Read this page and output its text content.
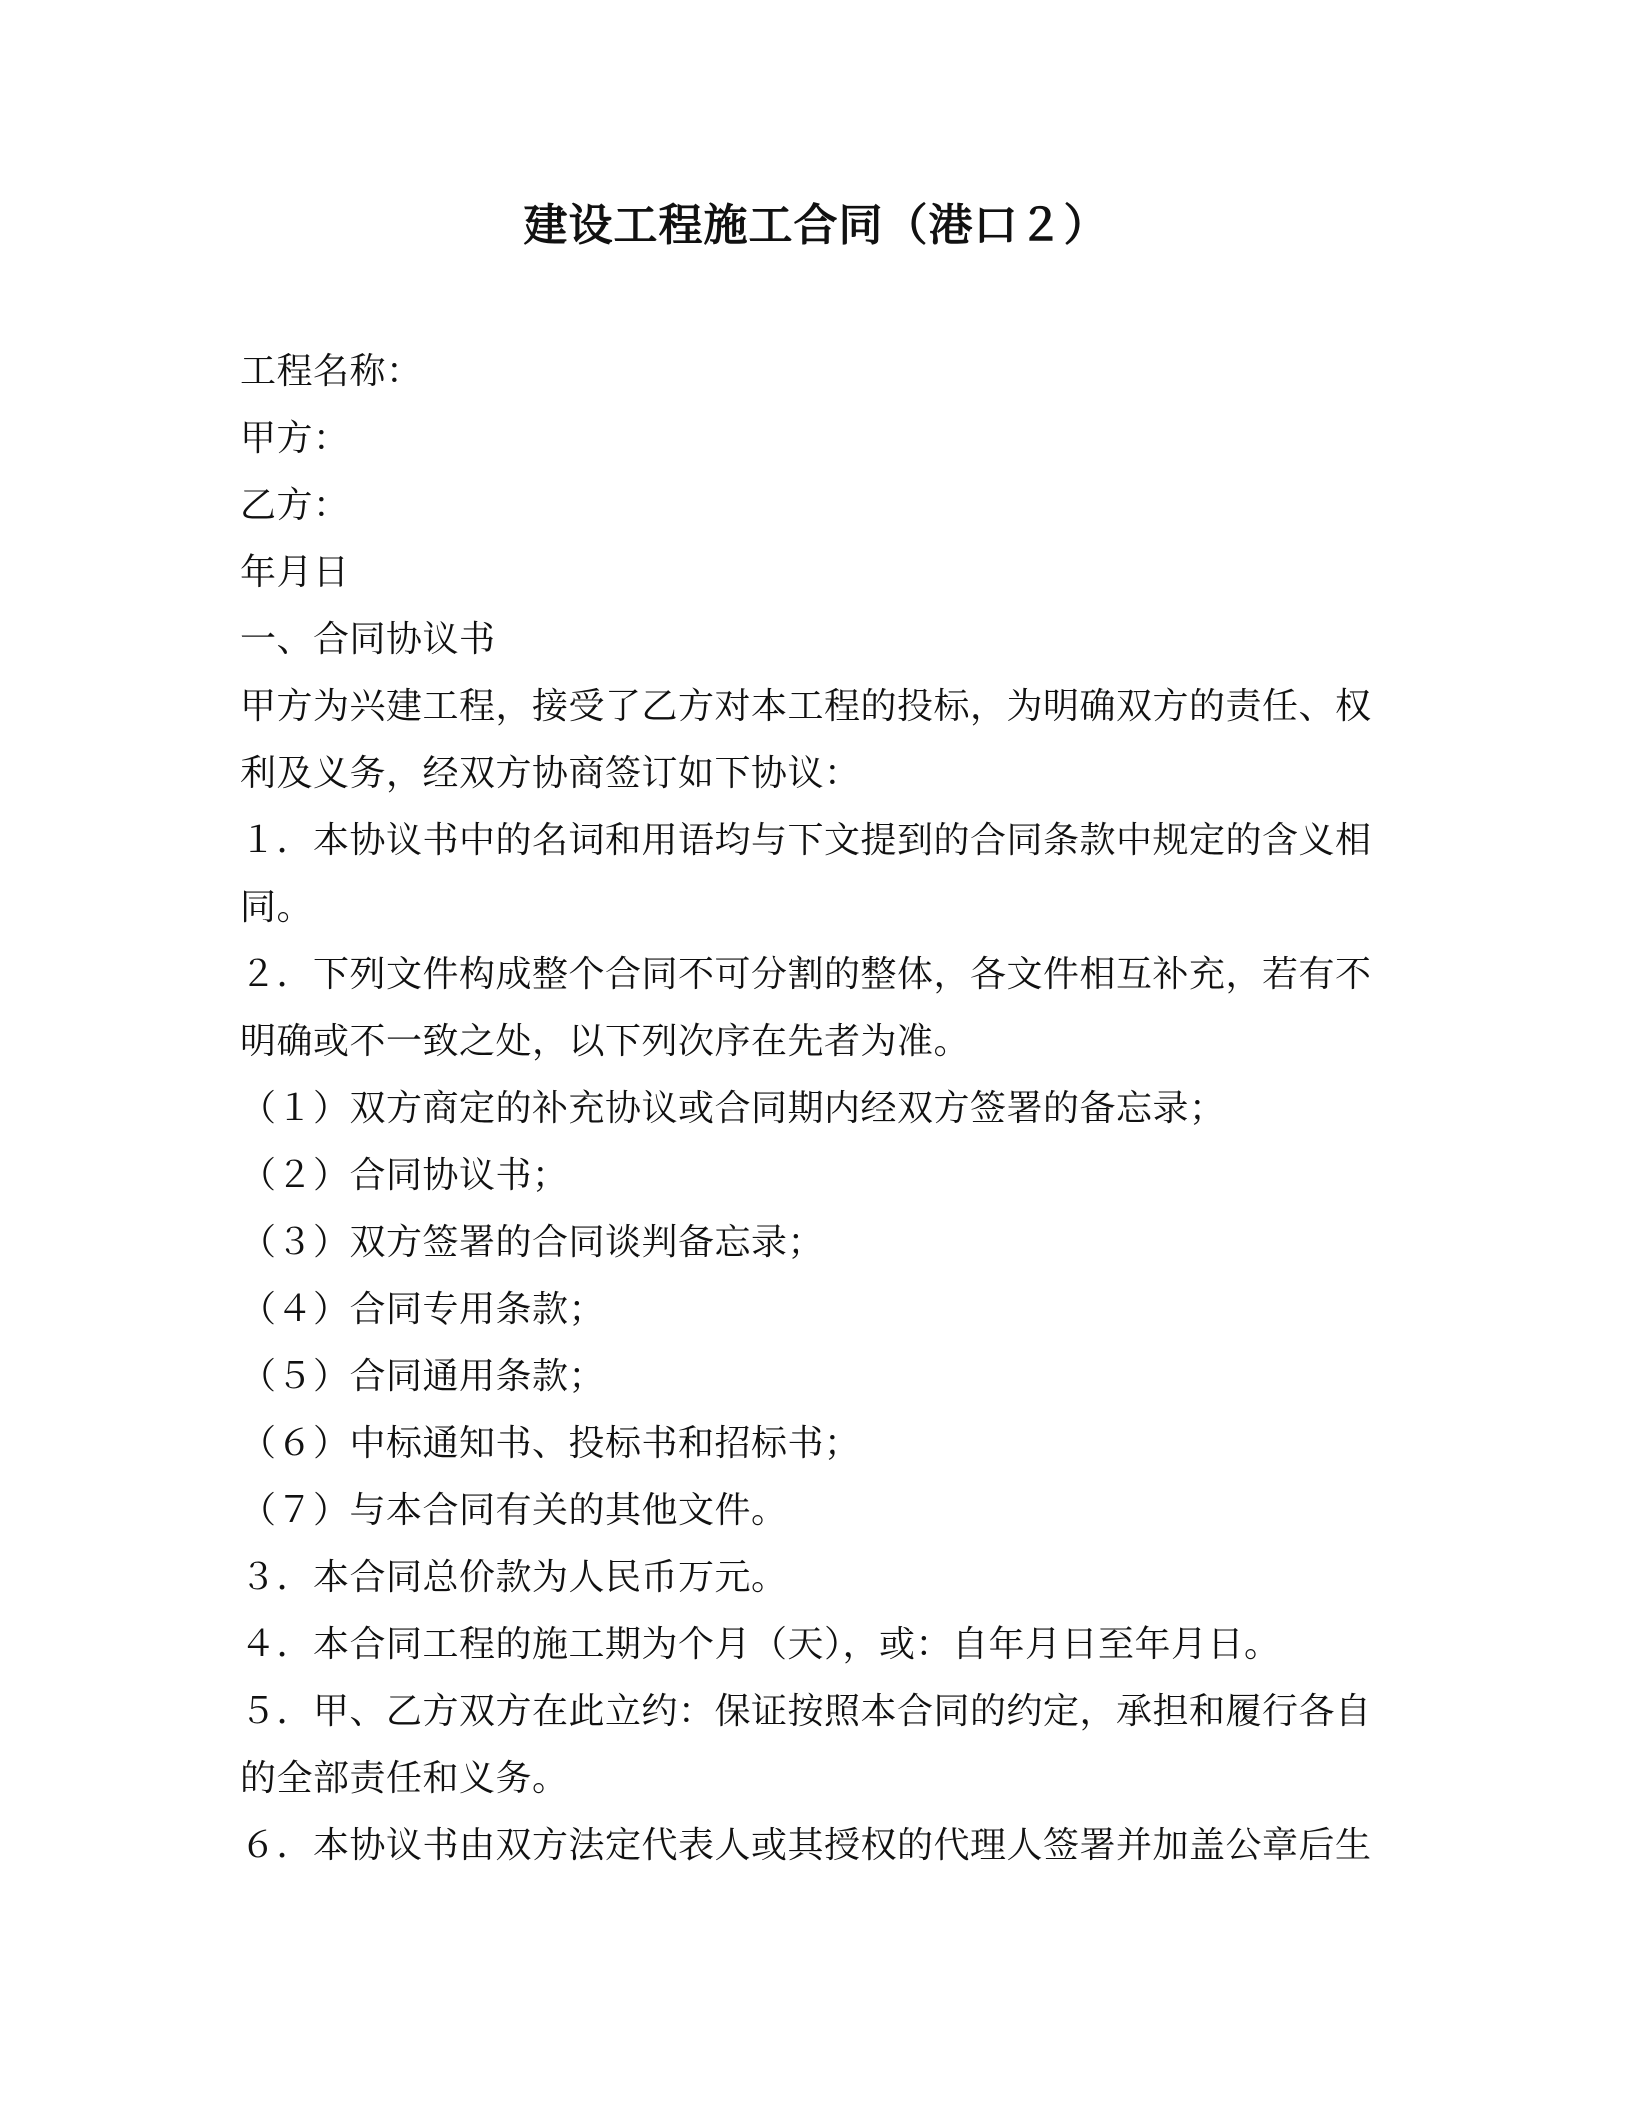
建设工程施工合同（港口２）
工程名称：
甲方：
乙方：
年月日
一、合同协议书
甲方为兴建工程，接受了乙方对本工程的投标，为明确双方的责任、权
利及义务，经双方协商签订如下协议：
１．本协议书中的名词和用语均与下文提到的合同条款中规定的含义相
同。
２．下列文件构成整个合同不可分割的整体，各文件相互补充，若有不
明确或不一致之处，以下列次序在先者为准。
（１）双方商定的补充协议或合同期内经双方签署的备忘录；
（２）合同协议书；
（３）双方签署的合同谈判备忘录；
（４）合同专用条款；
（５）合同通用条款；
（６）中标通知书、投标书和招标书；
（７）与本合同有关的其他文件。
３．本合同总价款为人民币万元。
４．本合同工程的施工期为个月（天），或：自年月日至年月日。
５．甲、乙方双方在此立约：保证按照本合同的约定，承担和履行各自
的全部责任和义务。
６．本协议书由双方法定代表人或其授权的代理人签署并加盖公章后生
